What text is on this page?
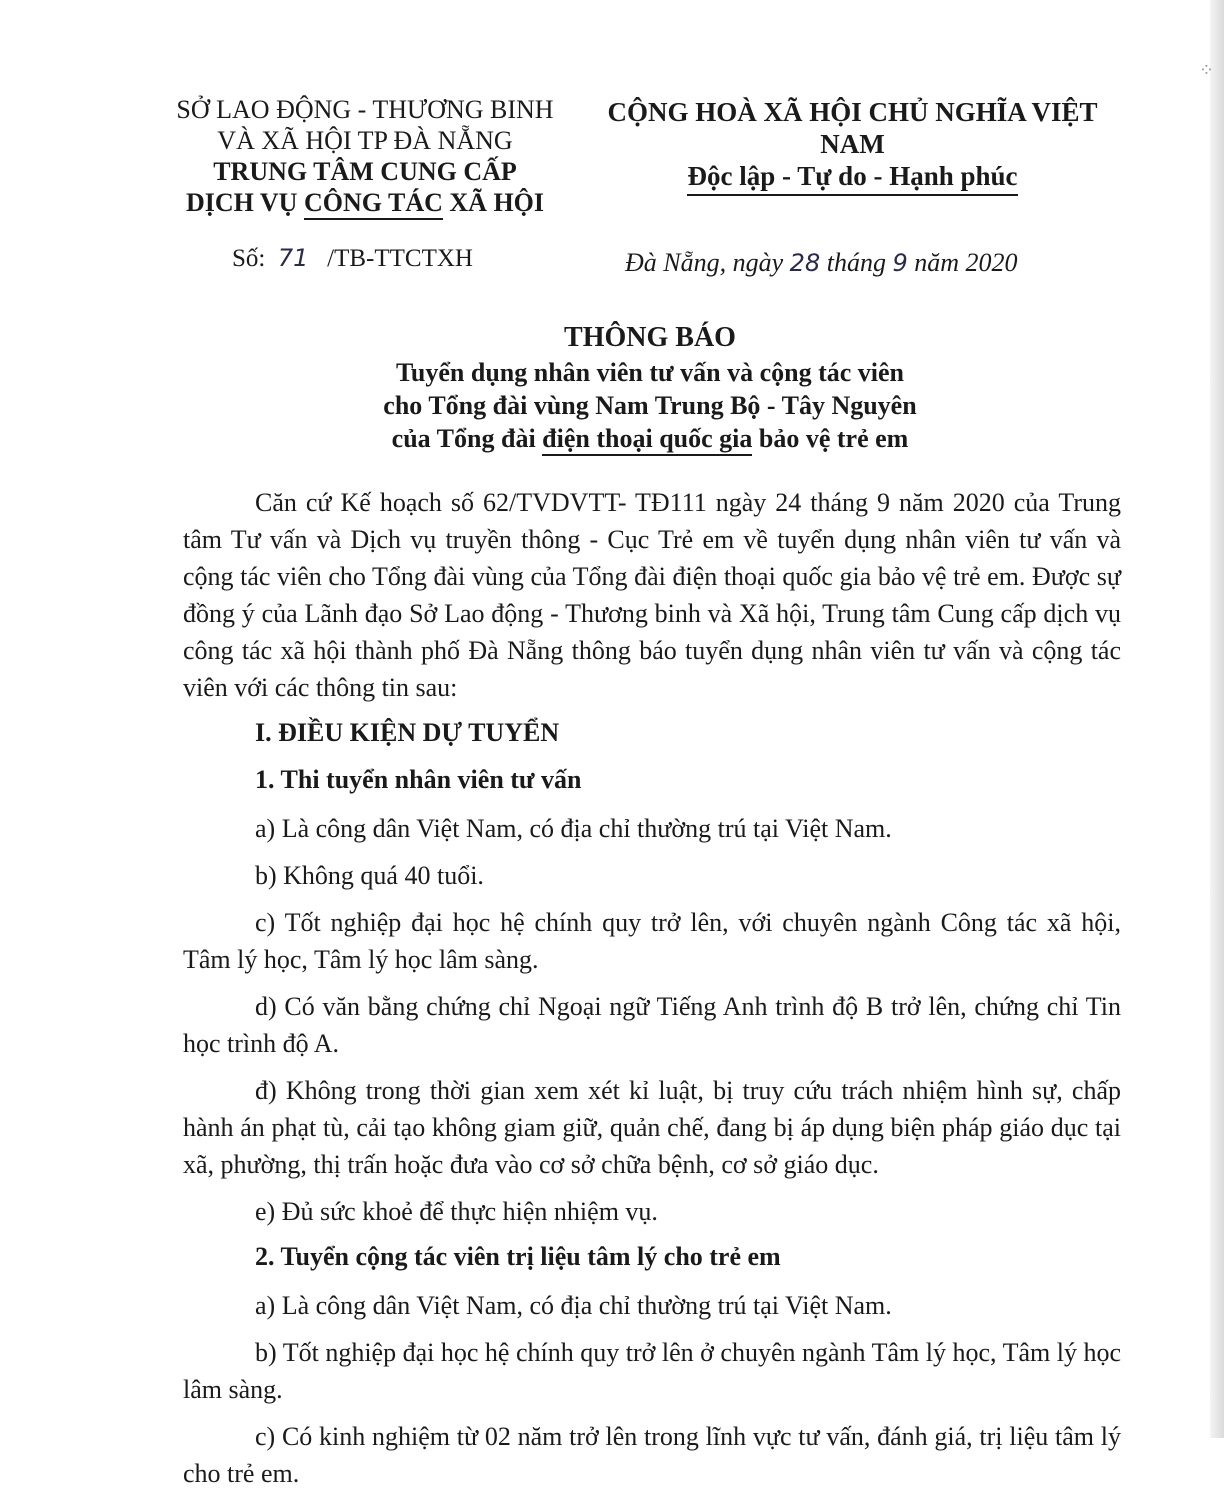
⁘
SỞ LAO ĐỘNG - THƯƠNG BINH
VÀ XÃ HỘI TP ĐÀ NẴNG
TRUNG TÂM CUNG CẤP
DỊCH VỤ CÔNG TÁC XÃ HỘI
CỘNG HOÀ XÃ HỘI CHỦ NGHĨA VIỆT NAM
Độc lập - Tự do - Hạnh phúc
Số: 71 /TB-TTCTXH	Đà Nẵng, ngày 28 tháng 9 năm 2020
THÔNG BÁO
Tuyển dụng nhân viên tư vấn và cộng tác viên
cho Tổng đài vùng Nam Trung Bộ - Tây Nguyên
của Tổng đài điện thoại quốc gia bảo vệ trẻ em

Căn cứ Kế hoạch số 62/TVDVTT- TĐ111 ngày 24 tháng 9 năm 2020 của Trung tâm Tư vấn và Dịch vụ truyền thông - Cục Trẻ em về tuyển dụng nhân viên tư vấn và cộng tác viên cho Tổng đài vùng của Tổng đài điện thoại quốc gia bảo vệ trẻ em. Được sự đồng ý của Lãnh đạo Sở Lao động - Thương binh và Xã hội, Trung tâm Cung cấp dịch vụ công tác xã hội thành phố Đà Nẵng thông báo tuyển dụng nhân viên tư vấn và cộng tác viên với các thông tin sau:

I. ĐIỀU KIỆN DỰ TUYỂN
1. Thi tuyển nhân viên tư vấn

a) Là công dân Việt Nam, có địa chỉ thường trú tại Việt Nam.

b) Không quá 40 tuổi.

c) Tốt nghiệp đại học hệ chính quy trở lên, với chuyên ngành Công tác xã hội, Tâm lý học, Tâm lý học lâm sàng.

d) Có văn bằng chứng chỉ Ngoại ngữ Tiếng Anh trình độ B trở lên, chứng chỉ Tin học trình độ A.

đ) Không trong thời gian xem xét kỉ luật, bị truy cứu trách nhiệm hình sự, chấp hành án phạt tù, cải tạo không giam giữ, quản chế, đang bị áp dụng biện pháp giáo dục tại xã, phường, thị trấn hoặc đưa vào cơ sở chữa bệnh, cơ sở giáo dục.

e) Đủ sức khoẻ để thực hiện nhiệm vụ.

2. Tuyển cộng tác viên trị liệu tâm lý cho trẻ em

a) Là công dân Việt Nam, có địa chỉ thường trú tại Việt Nam.

b) Tốt nghiệp đại học hệ chính quy trở lên ở chuyên ngành Tâm lý học, Tâm lý học lâm sàng.

c) Có kinh nghiệm từ 02 năm trở lên trong lĩnh vực tư vấn, đánh giá, trị liệu tâm lý cho trẻ em.
